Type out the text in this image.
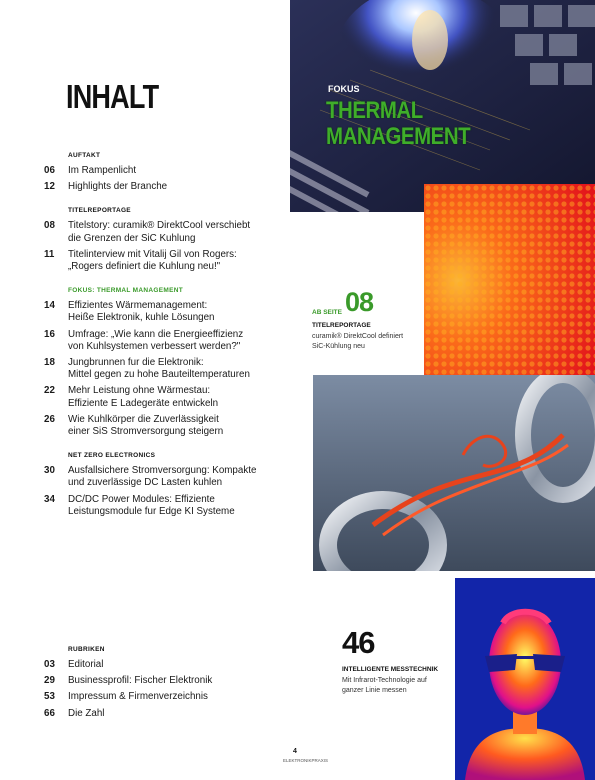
INHALT
AUFTAKT
06	Im Rampenlicht
12	Highlights der Branche
TITELREPORTAGE
08	Titelstory: curamik® DirektCool verschiebt
die Grenzen der SiC Kuhlung
11	Titelinterview mit Vitalij Gil von Rogers:
„Rogers definiert die Kuhlung neu!"
FOKUS: THERMAL MANAGEMENT
14	Effizientes Wärmemanagement:
Heiße Elektronik, kuhle Lösungen
16	Umfrage: „Wie kann die Energieeffizienz
von Kuhlsystemen verbessert werden?"
18	Jungbrunnen fur die Elektronik:
Mittel gegen zu hohe Bauteiltemperaturen
22	Mehr Leistung ohne Wärmestau:
Effiziente E Ladegeräte entwickeln
26	Wie Kuhlkörper die Zuverlässigkeit
einer SiS Stromversorgung steigern
NET ZERO ELECTRONICS
30	Ausfallsichere Stromversorgung: Kompakte
und zuverlässige DC Lasten kuhlen
34	DC/DC Power Modules: Effiziente
Leistungsmodule fur Edge KI Systeme
RUBRIKEN
03	Editorial
29	Businessprofil: Fischer Elektronik
53	Impressum & Firmenverzeichnis
66	Die Zahl
FOKUS
THERMAL
MANAGEMENT
AB SEITE 08
TITELREPORTAGE
curamik® DirektCool definiert
SiC-Kühlung neu
46
INTELLIGENTE MESSTECHNIK
Mit Infrarot-Technologie auf
ganzer Linie messen
4
ELEKTRONIKPRAXIS
